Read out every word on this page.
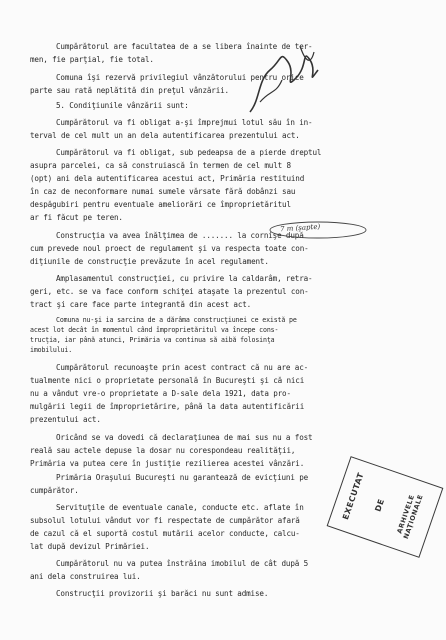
Cumpărătorul are facultatea de a se libera înainte de ter-
men, fie parţial, fie total.
Comuna îşi rezervă privilegiul vânzătorului pentru orice
parte sau rată neplătită din preţul vânzării.
5. Condiţiunile vânzării sunt:
Cumpărătorul va fi obligat a-şi împrejmui lotul său în in-
terval de cel mult un an dela autentificarea prezentului act.
Cumpărătorul va fi obligat, sub pedeapsa de a pierde dreptul
asupra parcelei, ca să construiască în termen de cel mult 8
(opt) ani dela autentificarea acestui act, Primăria restituind
în caz de neconformare numai sumele vărsate fără dobânzi sau
despăgubiri pentru eventuale ameliorări ce împroprietăritul
ar fi făcut pe teren.
Construcţia va avea înălţimea de ....... la cornişe după
cum prevede noul proect de regulament şi va respecta toate con-
diţiunile de construcţie prevăzute în acel regulament.
Amplasamentul construcţiei, cu privire la caldarâm, retra-
geri, etc. se va face conform schiţei ataşate la prezentul con-
tract şi care face parte integrantă din acest act.
Comuna nu-şi ia sarcina de a dărâma construcţiunei ce există pe
acest lot decât în momentul când împroprietăritul va începe cons-
trucţia, iar până atunci, Primăria va continua să aibă folosinţa
imobilului.
Cumpărătorul recunoaşte prin acest contract că nu are ac-
tualmente nici o proprietate personală în Bucureşti şi că nici
nu a vândut vre-o proprietate a D-sale dela 1921, data pro-
mulgării legii de împroprietărire, până la data autentificării
prezentului act.
Oricând se va dovedi că declaraţiunea de mai sus nu a fost
reală sau actele depuse la dosar nu corespondeau realităţii,
Primăria va putea cere în justiţie rezilierea acestei vânzări.
Primăria Oraşului Bucureşti nu garantează de evicţiuni pe
cumpărător.
Servituţile de eventuale canale, conducte etc. aflate în
subsolul lotului vândut vor fi respectate de cumpărător afară
de cazul că el suportă costul mutării acelor conducte, calcu-
lat după devizul Primăriei.
Cumpărătorul nu va putea înstrăina imobilul de cât după 5
ani dela construirea lui.
Construcţii provizorii şi barăci nu sunt admise.
7 m (şapte)
EXECUTAT DE	ARHIVELE NAŢIONALE
